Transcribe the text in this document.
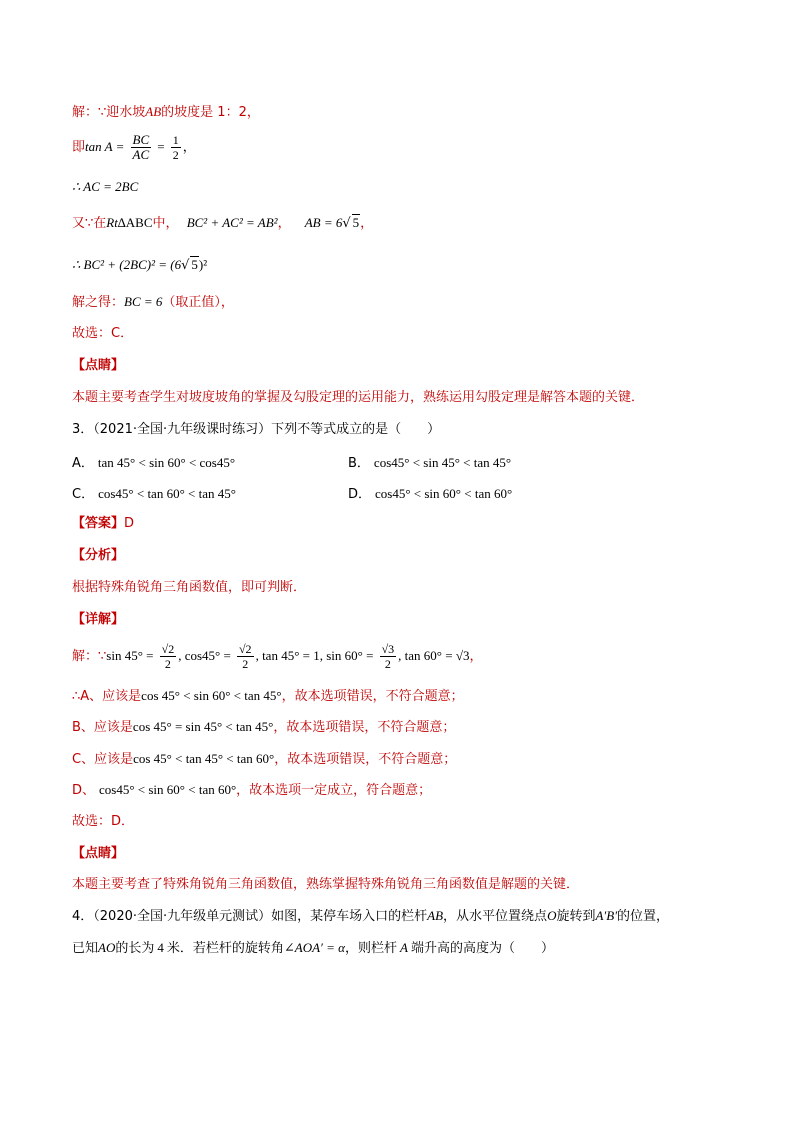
解：∵迎水坡AB的坡度是 1：2，
即$\tan A = \frac{BC}{AC} = \frac{1}{2}$ ，
∴ AC = 2BC
又∵在Rt∆ABC中， BC² + AC² = AB²， AB = 6√ 5，
∴ BC² + (2BC)² = (6√ 5)²
解之得：BC = 6（取正值），
故选：C．
【点睛】
本题主要考查学生对坡度坡角的掌握及勾股定理的运用能力，熟练运用勾股定理是解答本题的关键．
3．（2021·全国·九年级课时练习）下列不等式成立的是（　　）
A． tan 45° < sin 60° < cos45°	B． cos45° < sin 45° < tan 45°
C． cos45° < tan 60° < tan 45°	D． cos45° < sin 60° < tan 60°
【答案】D
【分析】
根据特殊角锐角三角函数值，即可判断．
【详解】
解：∵sin $45^\circ = \frac{√2}{2}$ , $\cos 45^\circ = \frac{√2}{2}$ , tan 45° = 1, $\sin 60^\circ = \frac{√3}{2}$ , tan 60° = √3，
∴A、应该是cos 45° < sin 60° < tan 45°，故本选项错误，不符合题意；
B、应该是cos 45° = sin 45° < tan 45°，故本选项错误，不符合题意；
C、应该是cos 45° < tan 45° < tan 60°，故本选项错误，不符合题意；
D、 cos45° < sin 60° < tan 60°，故本选项一定成立，符合题意；
故选：D．
【点睛】
本题主要考查了特殊角锐角三角函数值，熟练掌握特殊角锐角三角函数值是解题的关键．
4．（2020·全国·九年级单元测试）如图，某停车场入口的栏杆AB，从水平位置绕点O旋转到A′B′的位置，
已知AO的长为 4 米．若栏杆的旋转角∠AOA′ = α，则栏杆 A 端升高的高度为（　　）
